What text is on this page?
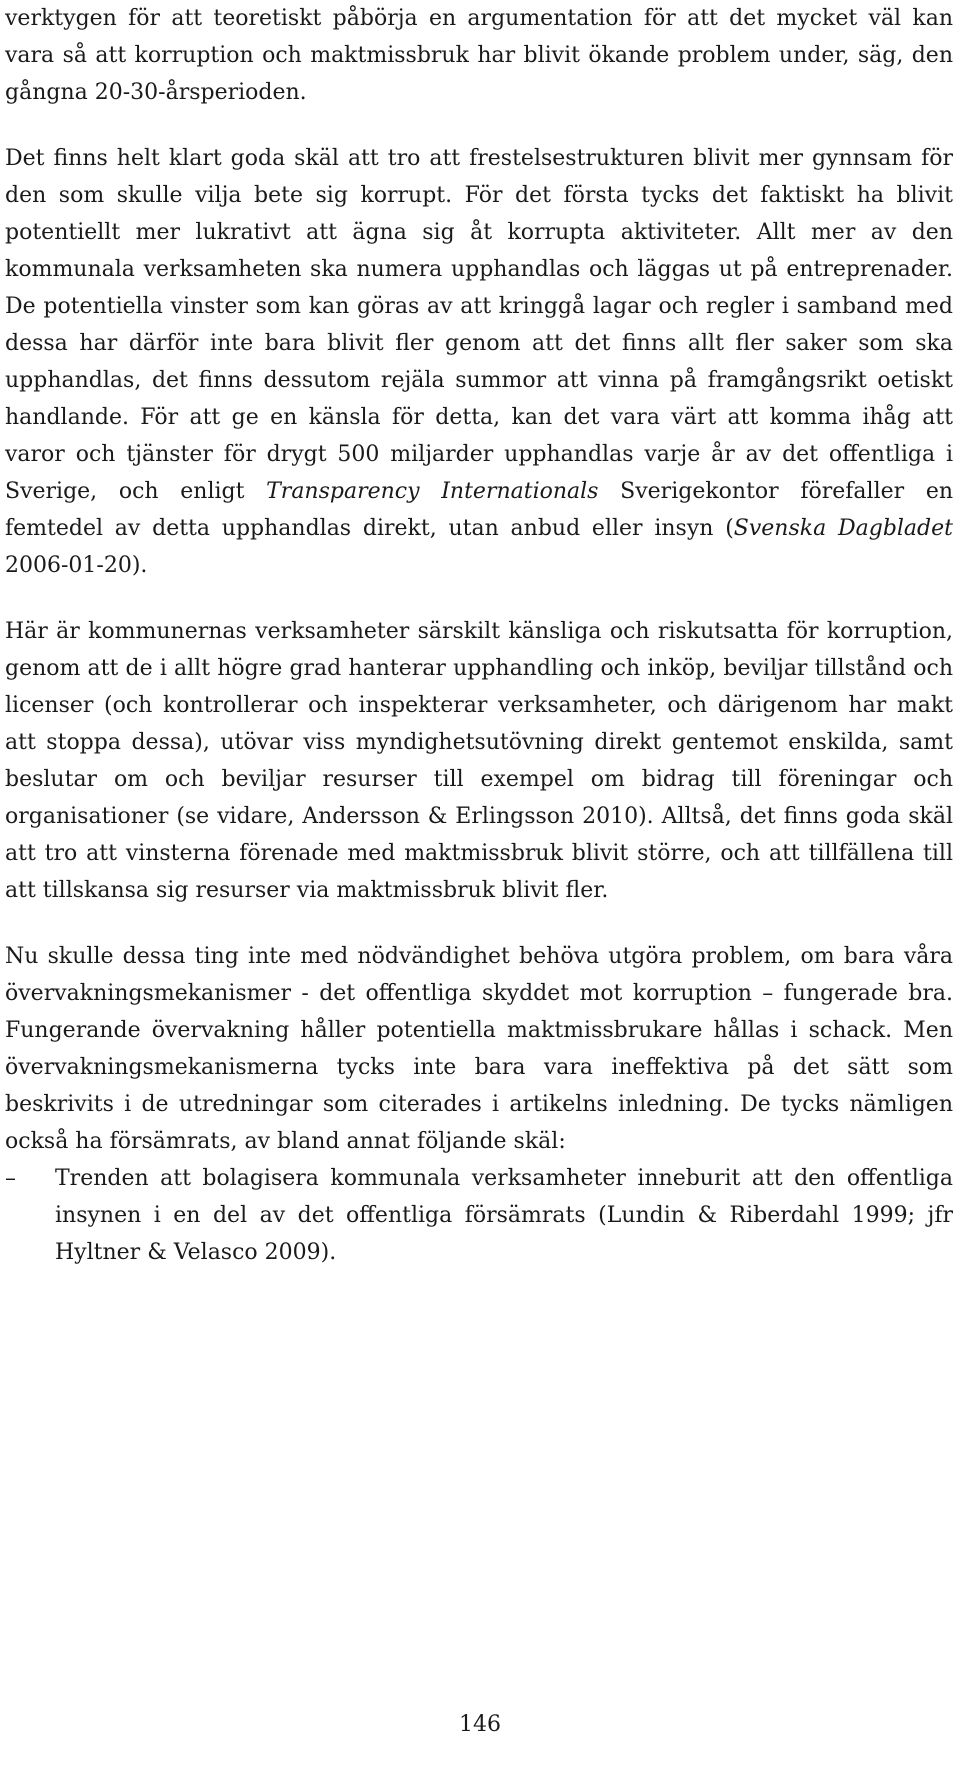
verktygen för att teoretiskt påbörja en argumentation för att det mycket väl kan vara så att korruption och maktmissbruk har blivit ökande problem under, säg, den gångna 20-30-årsperioden.

Det finns helt klart goda skäl att tro att frestelsestrukturen blivit mer gynnsam för den som skulle vilja bete sig korrupt. För det första tycks det faktiskt ha blivit potentiellt mer lukrativt att ägna sig åt korrupta aktiviteter. Allt mer av den kommunala verksamheten ska numera upphandlas och läggas ut på entreprenader. De potentiella vinster som kan göras av att kringgå lagar och regler i samband med dessa har därför inte bara blivit fler genom att det finns allt fler saker som ska upphandlas, det finns dessutom rejäla summor att vinna på framgångsrikt oetiskt handlande. För att ge en känsla för detta, kan det vara värt att komma ihåg att varor och tjänster för drygt 500 miljarder upphandlas varje år av det offentliga i Sverige, och enligt Transparency Internationals Sverigekontor förefaller en femtedel av detta upphandlas direkt, utan anbud eller insyn (Svenska Dagbladet 2006-01-20).

Här är kommunernas verksamheter särskilt känsliga och riskutsatta för korruption, genom att de i allt högre grad hanterar upphandling och inköp, beviljar tillstånd och licenser (och kontrollerar och inspekterar verksamheter, och därigenom har makt att stoppa dessa), utövar viss myndighetsutövning direkt gentemot enskilda, samt beslutar om och beviljar resurser till exempel om bidrag till föreningar och organisationer (se vidare, Andersson & Erlingsson 2010). Alltså, det finns goda skäl att tro att vinsterna förenade med maktmissbruk blivit större, och att tillfällena till att tillskansa sig resurser via maktmissbruk blivit fler.

Nu skulle dessa ting inte med nödvändighet behöva utgöra problem, om bara våra övervakningsmekanismer - det offentliga skyddet mot korruption – fungerade bra. Fungerande övervakning håller potentiella maktmissbrukare hållas i schack. Men övervakningsmekanismerna tycks inte bara vara ineffektiva på det sätt som beskrivits i de utredningar som citerades i artikelns inledning. De tycks nämligen också ha försämrats, av bland annat följande skäl:

–	Trenden att bolagisera kommunala verksamheter inneburit att den offentliga insynen i en del av det offentliga försämrats (Lundin & Riberdahl 1999; jfr Hyltner & Velasco 2009).
146
